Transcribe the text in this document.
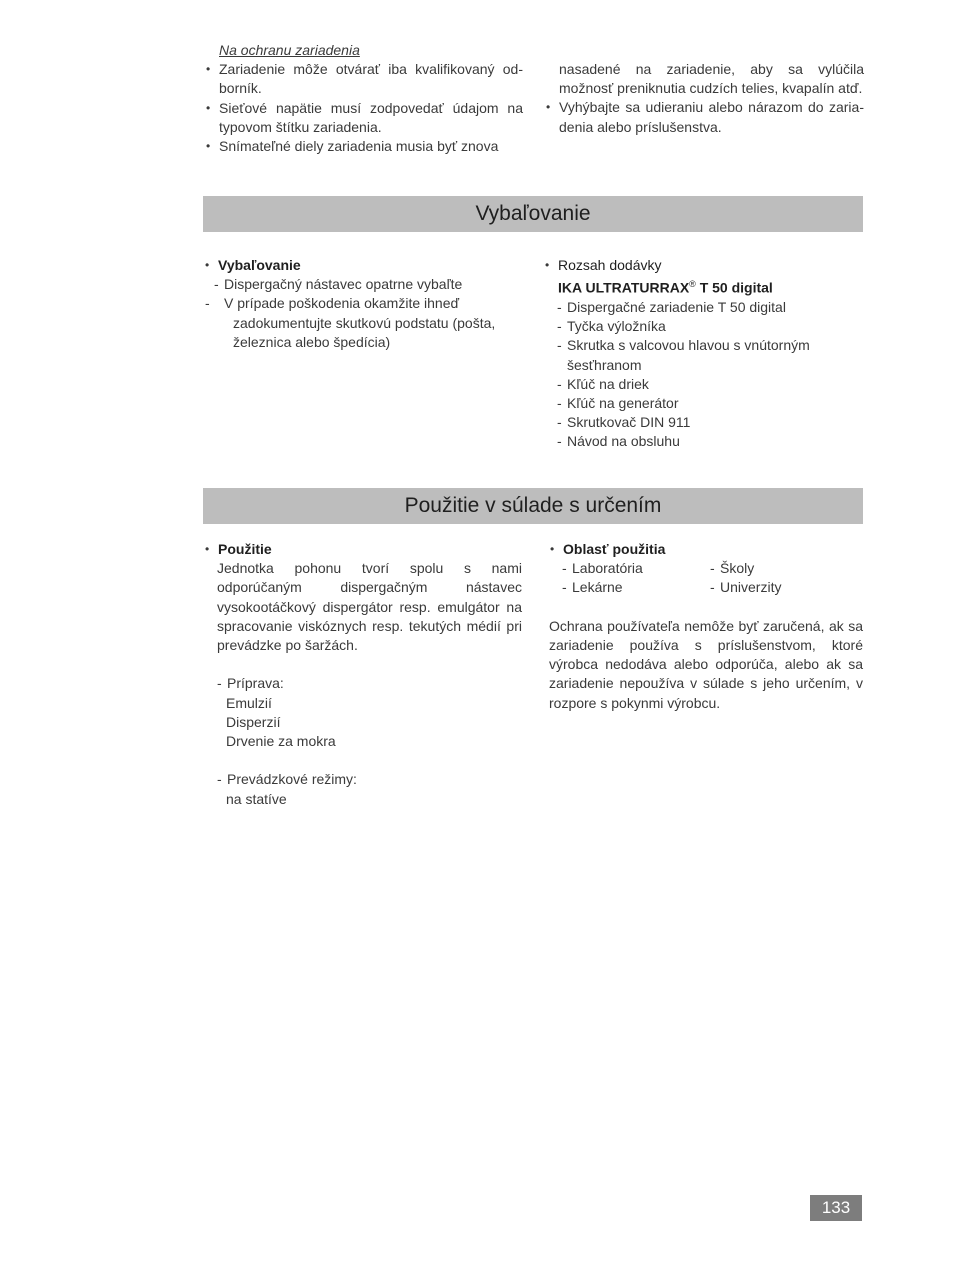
Na ochranu zariadenia
• Zariadenie môže otvárať iba kvalifikovaný od-borník.
• Sieťové napätie musí zodpovedať údajom na typovom štítku zariadenia.
• Snímateľné diely zariadenia musia byť znova
nasadené na zariadenie, aby sa vylúčila možnosť preniknutia cudzích telies, kvapalín atď.
• Vyhýbajte sa udieraniu alebo nárazom do zaria-denia alebo príslušenstva.
Vybaľovanie
• Vybaľovanie
- Dispergačný nástavec opatrne vybaľte
- V prípade poškodenia okamžite ihneď zadokumentujte skutkovú podstatu (pošta, železnica alebo špedícia)
• Rozsah dodávky
IKA ULTRATURRAX® T 50 digital
- Dispergačné zariadenie T 50 digital
- Tyčka výložníka
- Skrutka s valcovou hlavou s vnútorným šesťhranom
- Kľúč na driek
- Kľúč na generátor
- Skrutkovač DIN 911
- Návod na obsluhu
Použitie v súlade s určením
• Použitie
Jednotka pohonu tvorí spolu s nami odporúčaným dispergačným nástavec vysokootáčkový dispergátor resp. emulgátor na spracovanie viskóznych resp. tekutých médií pri prevádzke po šaržách.
- Príprava:
Emulzií
Disperzií
Drvenie za mokra
- Prevádzkové režimy:
na statíve
• Oblasť použitia
- Laboratória	- Školy
- Lekárne	- Univerzity
Ochrana používateľa nemôže byť zaručená, ak sa zariadenie používa s príslušenstvom, ktoré výrobca nedodáva alebo odporúča, alebo ak sa zariadenie nepoužíva v súlade s jeho určením, v rozpore s pokynmi výrobcu.
133
